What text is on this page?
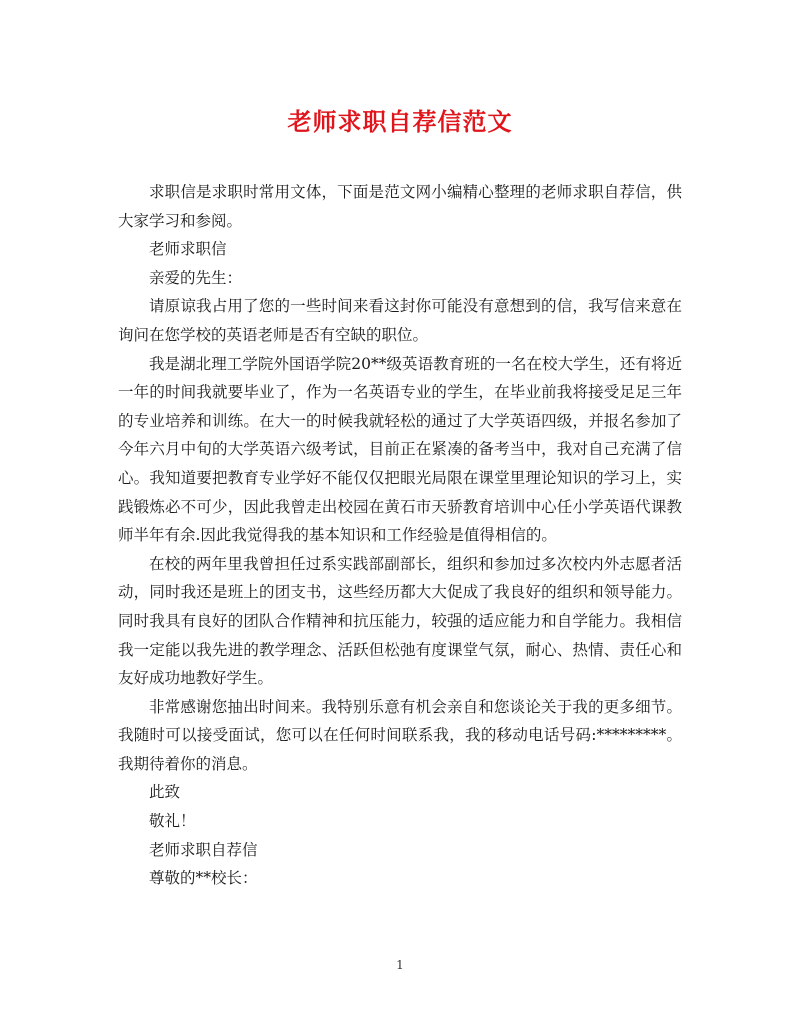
老师求职自荐信范文

求职信是求职时常用文体，下面是范文网小编精心整理的老师求职自荐信，供大家学习和参阅。

老师求职信

亲爱的先生：

请原谅我占用了您的一些时间来看这封你可能没有意想到的信，我写信来意在询问在您学校的英语老师是否有空缺的职位。

我是湖北理工学院外国语学院20**级英语教育班的一名在校大学生，还有将近一年的时间我就要毕业了，作为一名英语专业的学生，在毕业前我将接受足足三年的专业培养和训练。在大一的时候我就轻松的通过了大学英语四级，并报名参加了今年六月中旬的大学英语六级考试，目前正在紧凑的备考当中，我对自己充满了信心。我知道要把教育专业学好不能仅仅把眼光局限在课堂里理论知识的学习上，实践锻炼必不可少，因此我曾走出校园在黄石市天骄教育培训中心任小学英语代课教师半年有余.因此我觉得我的基本知识和工作经验是值得相信的。

在校的两年里我曾担任过系实践部副部长，组织和参加过多次校内外志愿者活动，同时我还是班上的团支书，这些经历都大大促成了我良好的组织和领导能力。同时我具有良好的团队合作精神和抗压能力，较强的适应能力和自学能力。我相信我一定能以我先进的教学理念、活跃但松弛有度课堂气氛，耐心、热情、责任心和友好成功地教好学生。

非常感谢您抽出时间来。我特别乐意有机会亲自和您谈论关于我的更多细节。我随时可以接受面试，您可以在任何时间联系我，我的移动电话号码:*********。我期待着你的消息。

此致

敬礼！

老师求职自荐信

尊敬的**校长：

1
